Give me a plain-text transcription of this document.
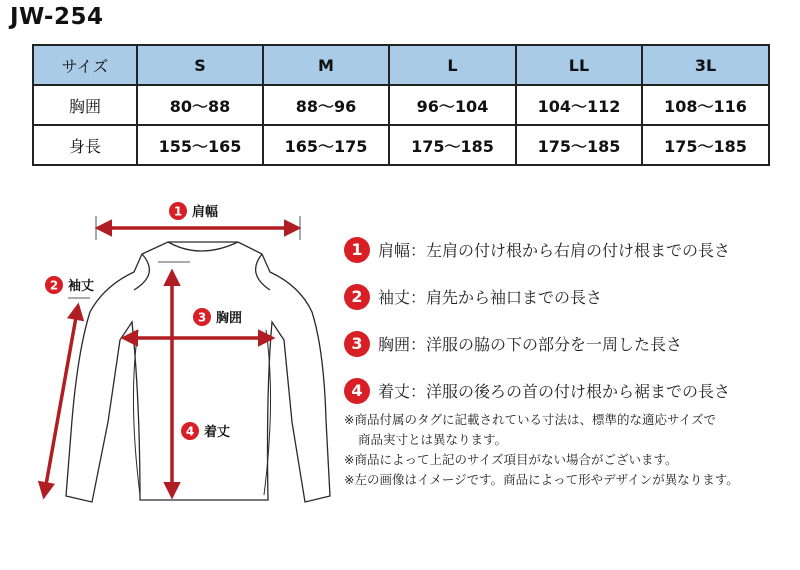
JW-254
サイズ	S	M	L	LL	3L
胸囲	80〜88	88〜96	96〜104	104〜112	108〜116
身長	155〜165	165〜175	175〜185	175〜185	175〜185
1 肩幅
2 袖丈
3 胸囲
4 着丈
1 肩幅：左肩の付け根から右肩の付け根までの長さ
2 袖丈：肩先から袖口までの長さ
3 胸囲：洋服の脇の下の部分を一周した長さ
4 着丈：洋服の後ろの首の付け根から裾までの長さ
※商品付属のタグに記載されている寸法は、標準的な適応サイズで
商品実寸とは異なります。
※商品によって上記のサイズ項目がない場合がございます。
※左の画像はイメージです。商品によって形やデザインが異なります。
